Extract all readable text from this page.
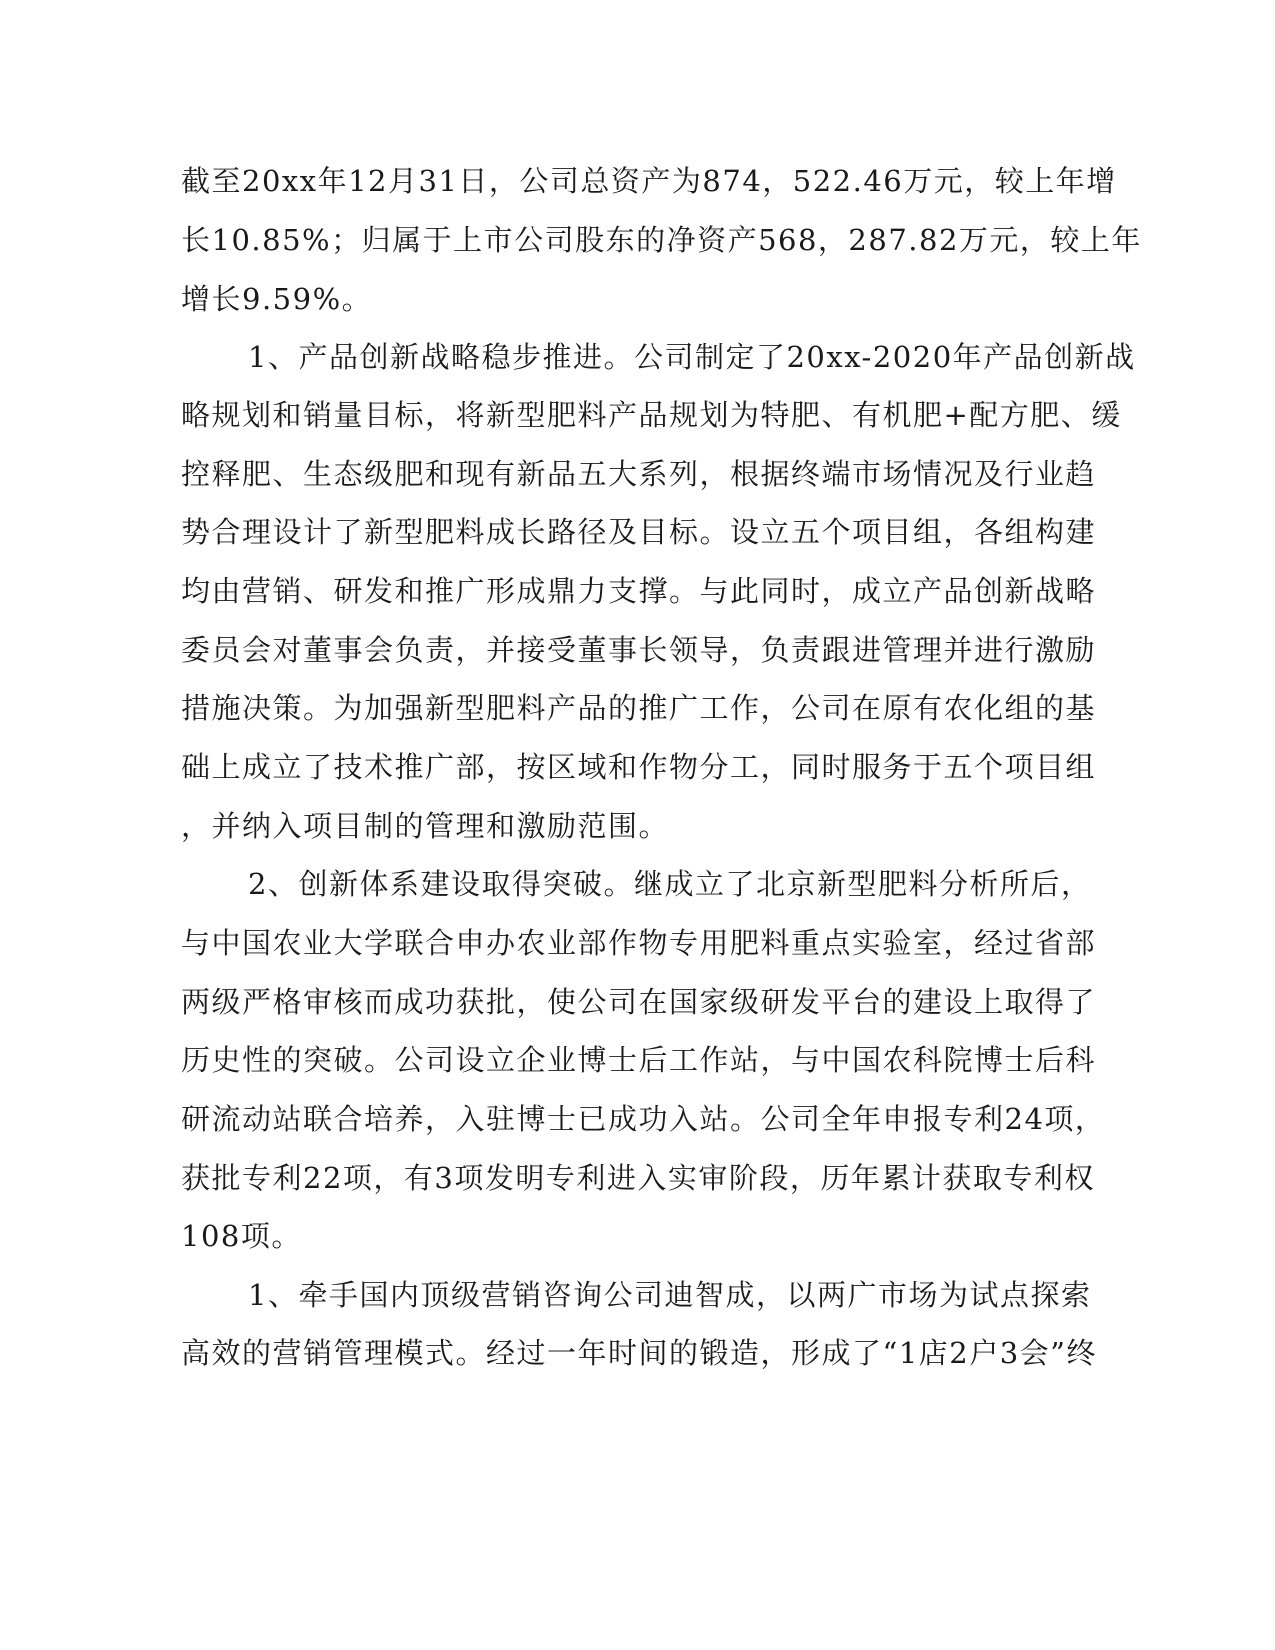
截至20xx年12月31日，公司总资产为874，522.46万元，较上年增
长10.85%；归属于上市公司股东的净资产568，287.82万元，较上年
增长9.59%。
1、产品创新战略稳步推进。公司制定了20xx-2020年产品创新战
略规划和销量目标，将新型肥料产品规划为特肥、有机肥+配方肥、缓
控释肥、生态级肥和现有新品五大系列，根据终端市场情况及行业趋
势合理设计了新型肥料成长路径及目标。设立五个项目组，各组构建
均由营销、研发和推广形成鼎力支撑。与此同时，成立产品创新战略
委员会对董事会负责，并接受董事长领导，负责跟进管理并进行激励
措施决策。为加强新型肥料产品的推广工作，公司在原有农化组的基
础上成立了技术推广部，按区域和作物分工，同时服务于五个项目组
，并纳入项目制的管理和激励范围。
2、创新体系建设取得突破。继成立了北京新型肥料分析所后，
与中国农业大学联合申办农业部作物专用肥料重点实验室，经过省部
两级严格审核而成功获批，使公司在国家级研发平台的建设上取得了
历史性的突破。公司设立企业博士后工作站，与中国农科院博士后科
研流动站联合培养，入驻博士已成功入站。公司全年申报专利24项，
获批专利22项，有3项发明专利进入实审阶段，历年累计获取专利权
108项。
1、牵手国内顶级营销咨询公司迪智成，以两广市场为试点探索
高效的营销管理模式。经过一年时间的锻造，形成了“1店2户3会”终
